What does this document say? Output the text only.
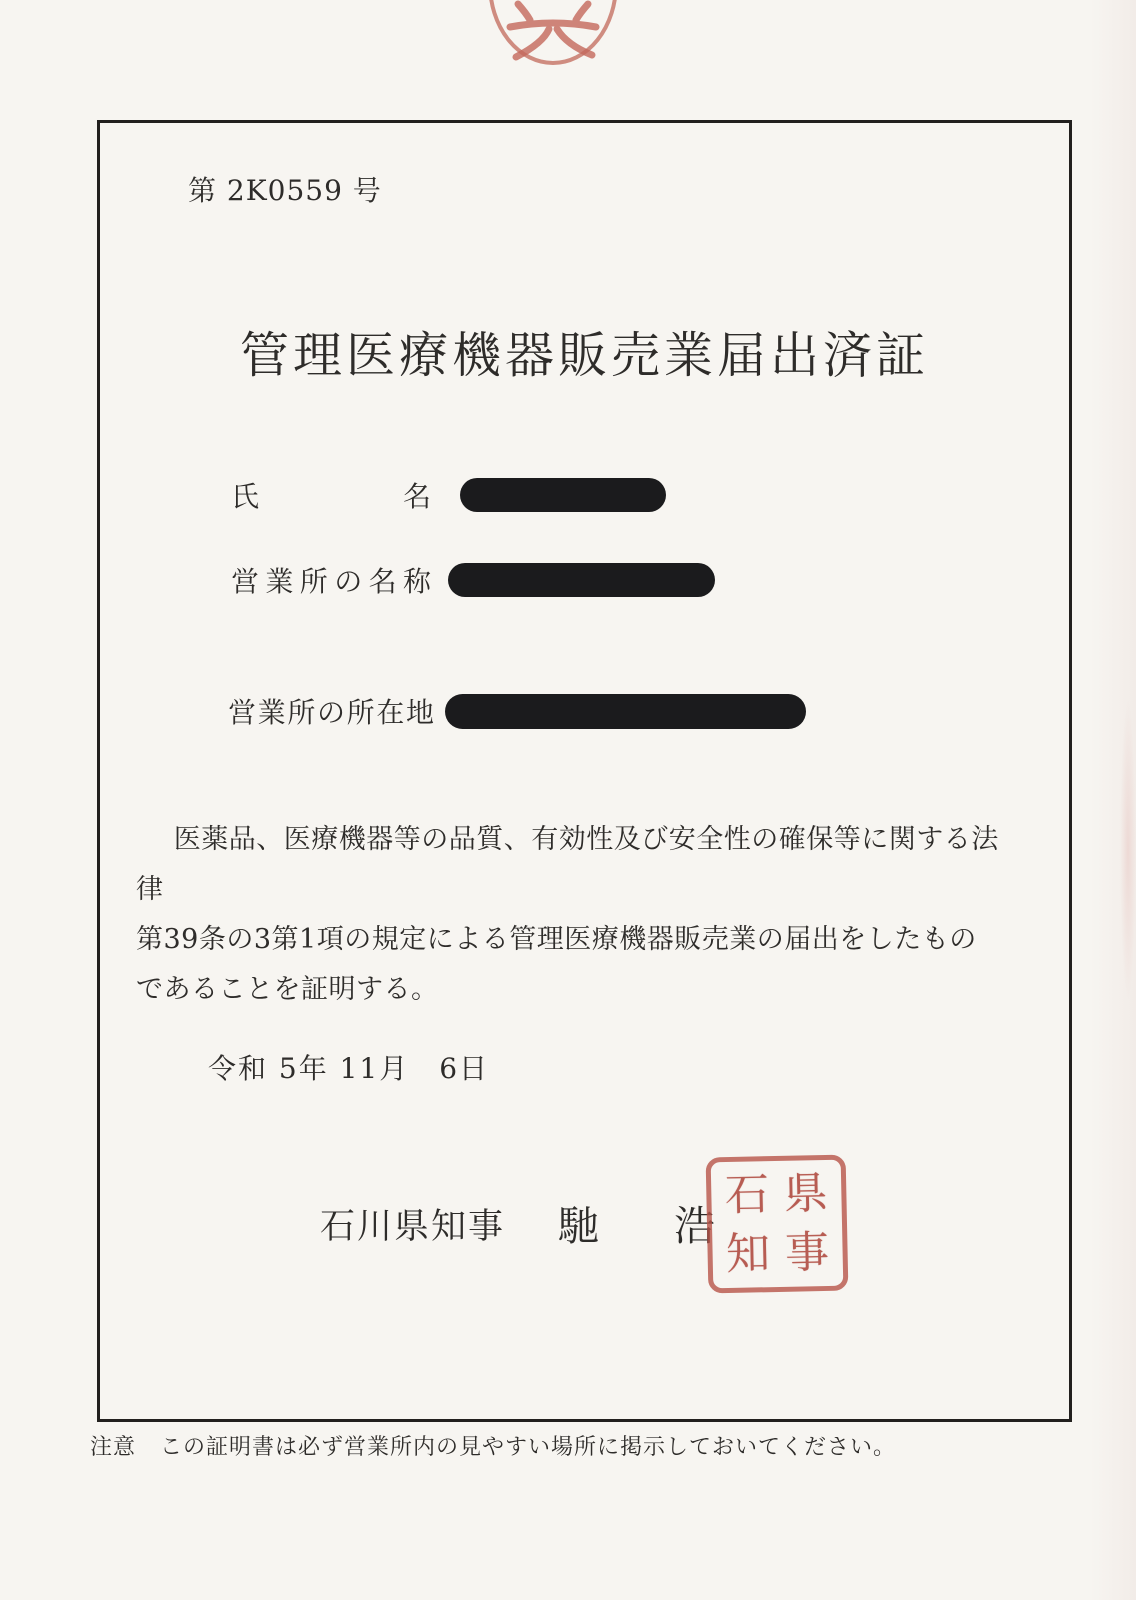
第 2K0559 号
管理医療機器販売業届出済証
氏名
営業所の名称
営業所の所在地
医薬品、医療機器等の品質、有効性及び安全性の確保等に関する法律
第39条の3第1項の規定による管理医療機器販売業の届出をしたもの
であることを証明する。
令和 5年 11月　6日
石川県知事 馳 浩
県
事
石
知
注意 この証明書は必ず営業所内の見やすい場所に掲示しておいてください。
